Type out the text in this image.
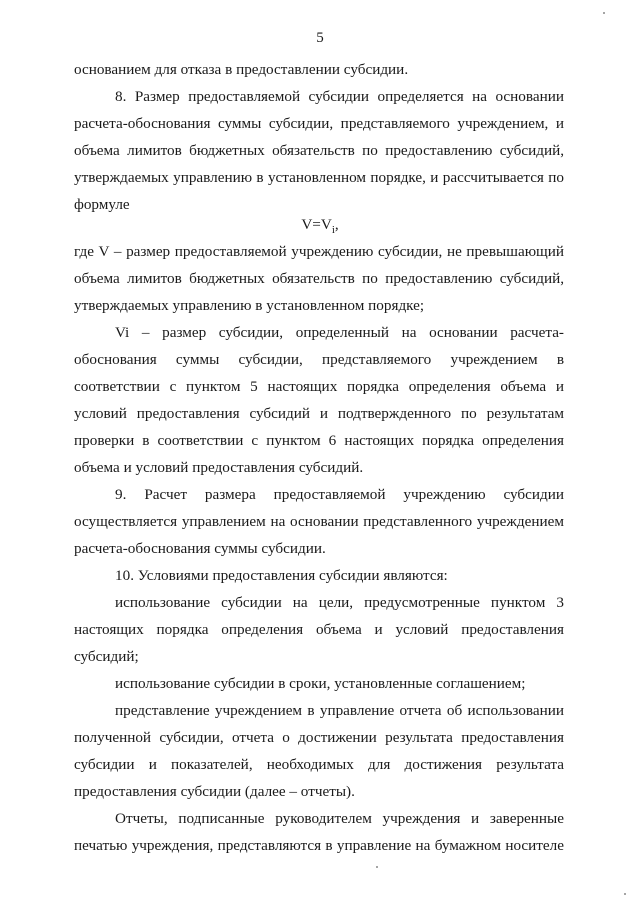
5
основанием для отказа в предоставлении субсидии.
8. Размер предоставляемой субсидии определяется на основании
расчета-обоснования суммы субсидии, представляемого учреждением, и
объема лимитов бюджетных обязательств по предоставлению субсидий,
утверждаемых управлению в установленном порядке, и рассчитывается по
формуле
$V=V_i$,
где V – размер предоставляемой учреждению субсидии, не превышающий
объема лимитов бюджетных обязательств по предоставлению субсидий,
утверждаемых управлению в установленном порядке;
Vi – размер субсидии, определенный на основании расчета-
обоснования суммы субсидии, представляемого учреждением в
соответствии с пунктом 5 настоящих порядка определения объема и
условий предоставления субсидий и подтвержденного по результатам
проверки в соответствии с пунктом 6 настоящих порядка определения
объема и условий предоставления субсидий.
9. Расчет размера предоставляемой учреждению субсидии
осуществляется управлением на основании представленного учреждением
расчета-обоснования суммы субсидии.
10. Условиями предоставления субсидии являются:
использование субсидии на цели, предусмотренные пунктом 3
настоящих порядка определения объема и условий предоставления
субсидий;
использование субсидии в сроки, установленные соглашением;
представление учреждением в управление отчета об использовании
полученной субсидии, отчета о достижении результата предоставления
субсидии и показателей, необходимых для достижения результата
предоставления субсидии (далее – отчеты).
Отчеты, подписанные руководителем учреждения и заверенные
печатью учреждения, представляются в управление на бумажном носителе
